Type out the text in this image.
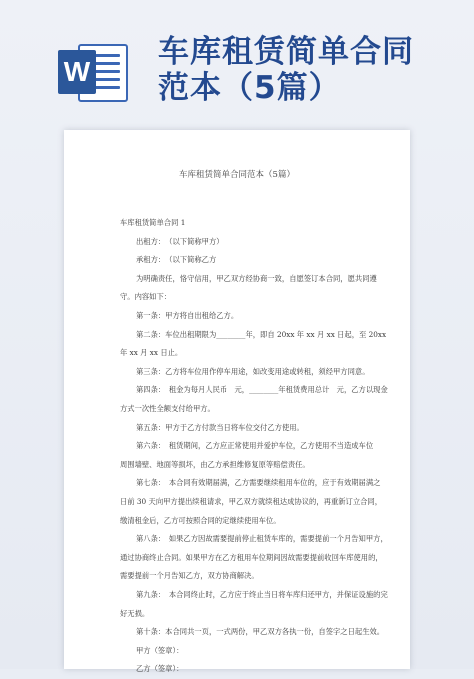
W
车库租赁简单合同
范本（5篇）
车库租赁简单合同范本（5篇）
车库租赁简单合同 1
出租方：　（以下简称甲方）
承租方：　（以下简称乙方
为明确责任，恪守信用，甲乙双方经协商一致，自愿签订本合同，愿共同遵
守。内容如下：
第一条：甲方将自出租给乙方。
第二条：车位出租期限为________年，即自 20xx 年 xx 月 xx 日起，至 20xx
年 xx 月 xx 日止。
第三条：乙方将车位用作停车用途，如改变用途或转租，须经甲方同意。
第四条：　租金为每月人民币　元，________年租赁费用总计　元，乙方以现金
方式一次性全额支付给甲方。
第五条：甲方于乙方付款当日将车位交付乙方使用。
第六条：　租赁期间，乙方应正常使用并爱护车位，乙方使用不当造成车位
周围墙壁、地面等损坏，由乙方承担维修复原等赔偿责任。
第七条：　本合同有效期届满，乙方需要继续租用车位的，应于有效期届满之
日前 30 天向甲方提出续租请求，甲乙双方就续租达成协议的，再重新订立合同，
缴清租金后，乙方可按照合同的定继续使用车位。
第八条：　如果乙方因故需要提前停止租赁车库的，需要提前一个月告知甲方，
通过协商终止合同。如果甲方在乙方租用车位期间因故需要提前收回车库使用的，
需要提前一个月告知乙方，双方协商解决。
第九条：　本合同终止时，乙方应于终止当日将车库归还甲方，并保证设施的完
好无损。
第十条：本合同共一页，一式两份，甲乙双方各执一份，自签字之日起生效。
甲方（签章）：
乙方（签章）：
